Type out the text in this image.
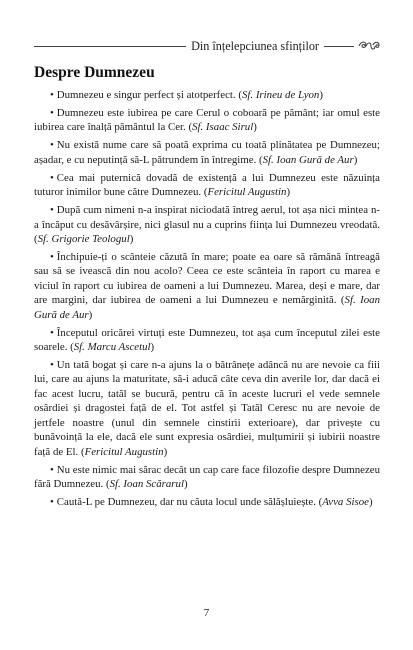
Din înțelepciunea sfinților
Despre Dumnezeu

• Dumnezeu e singur perfect și atotperfect. (Sf. Irineu de Lyon)

• Dumnezeu este iubirea pe care Cerul o coboară pe pământ; iar omul este iubirea care înalță pământul la Cer. (Sf. Isaac Sirul)

• Nu există nume care să poată exprima cu toată plinătatea pe Dumnezeu; așadar, e cu neputință să-L pătrundem în întregime. (Sf. Ioan Gură de Aur)

• Cea mai puternică dovadă de existență a lui Dumnezeu este năzuința tuturor inimilor bune către Dumnezeu. (Fericitul Augustin)

• După cum nimeni n-a inspirat niciodată întreg aerul, tot așa nici mintea n-a încăput cu desăvârșire, nici glasul nu a cuprins ființa lui Dumnezeu vreodată. (Sf. Grigorie Teologul)

• Închipuie-ți o scânteie căzută în mare; poate ea oare să rămână întreagă sau să se ivească din nou acolo? Ceea ce este scânteia în raport cu marea e viciul în raport cu iubirea de oameni a lui Dumnezeu. Marea, deși e mare, dar are margini, dar iubirea de oameni a lui Dumnezeu e nemărginită. (Sf. Ioan Gură de Aur)

• Începutul oricărei virtuți este Dumnezeu, tot așa cum începutul zilei este soarele. (Sf. Marcu Ascetul)

• Un tată bogat și care n-a ajuns la o bătrânețe adâncă nu are nevoie ca fiii lui, care au ajuns la maturitate, să-i aducă câte ceva din averile lor, dar dacă ei fac acest lucru, tatăl se bucură, pentru că în aceste lucruri el vede semnele osârdiei și dragostei față de el. Tot astfel și Tatăl Ceresc nu are nevoie de jertfele noastre (unul din semnele cinstirii exterioare), dar privește cu bunăvoință la ele, dacă ele sunt expresia osârdiei, mulțumirii și iubirii noastre față de El. (Fericitul Augustin)

• Nu este nimic mai sărac decât un cap care face filozofie despre Dumnezeu fără Dumnezeu. (Sf. Ioan Scărarul)

• Caută-L pe Dumnezeu, dar nu căuta locul unde sălășluiește. (Avva Sisoe)

7
